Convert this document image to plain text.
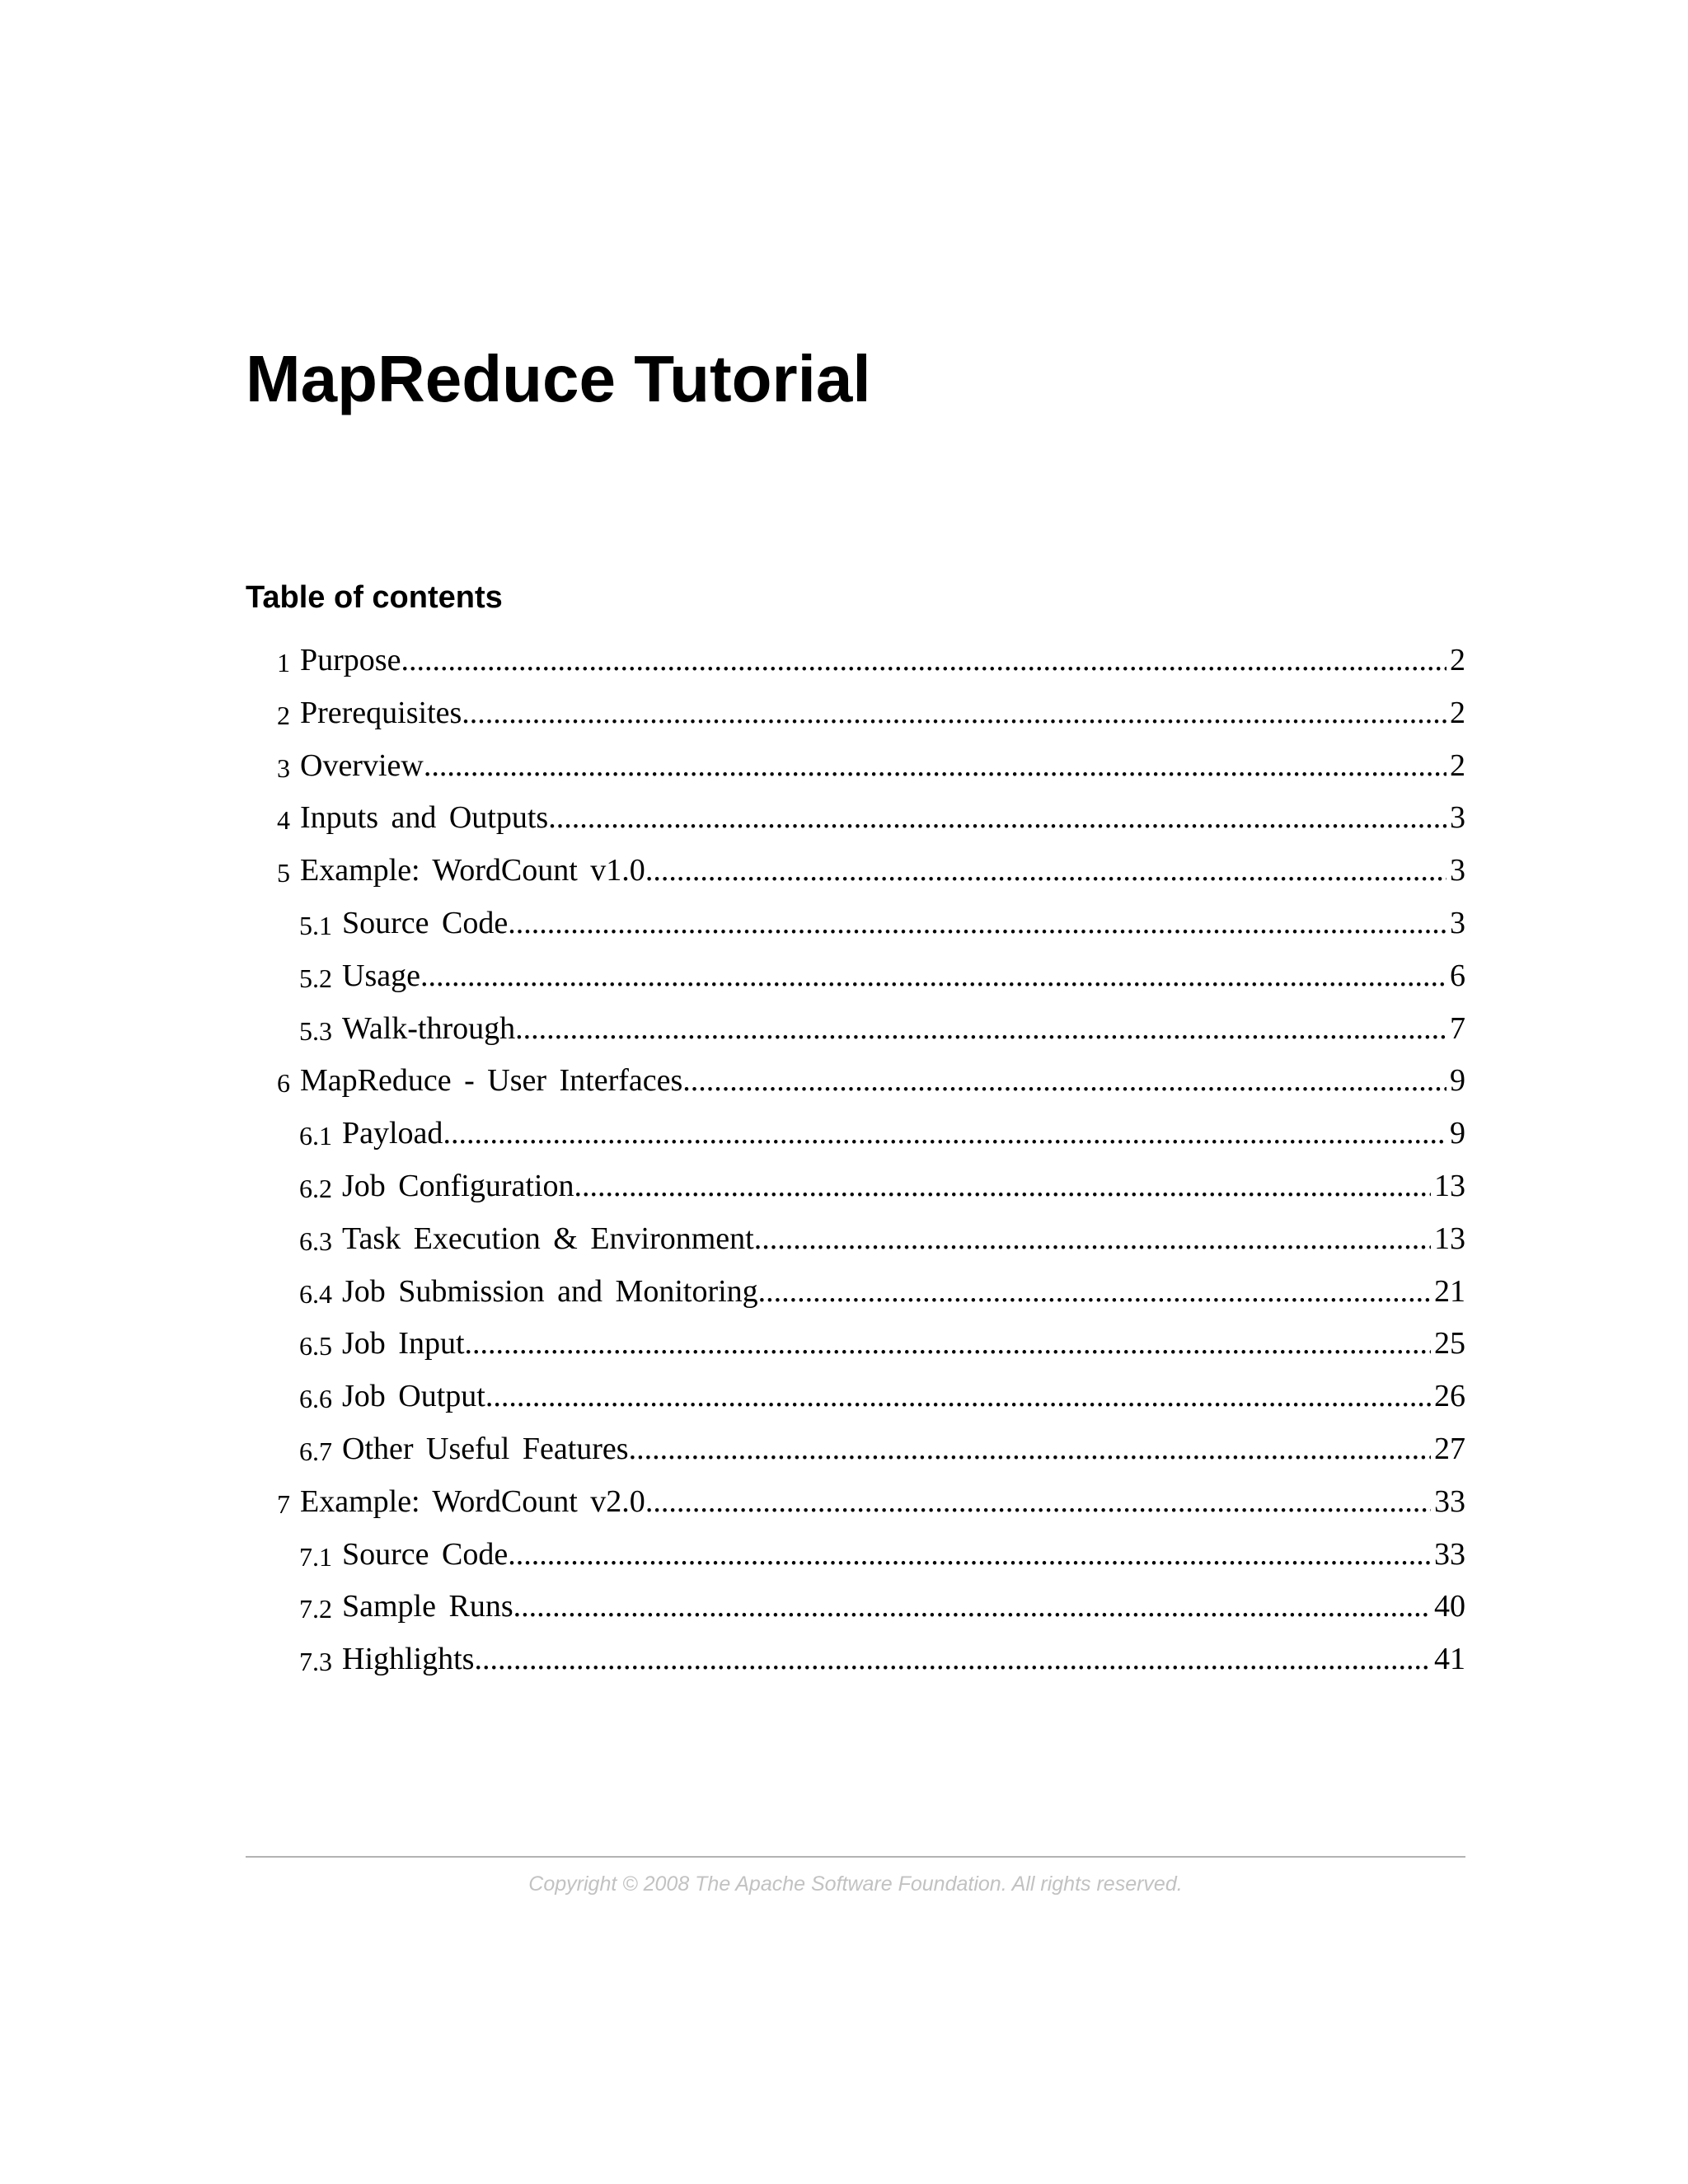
MapReduce Tutorial
Table of contents
1 Purpose .....	2
2 Prerequisites .....	2
3 Overview .....	2
4 Inputs and Outputs .....	3
5 Example: WordCount v1.0 .....	3
5.1 Source Code .....	3
5.2 Usage .....	6
5.3 Walk-through .....	7
6 MapReduce - User Interfaces .....	9
6.1 Payload .....	9
6.2 Job Configuration .....	13
6.3 Task Execution & Environment .....	13
6.4 Job Submission and Monitoring .....	21
6.5 Job Input .....	25
6.6 Job Output .....	26
6.7 Other Useful Features .....	27
7 Example: WordCount v2.0 .....	33
7.1 Source Code .....	33
7.2 Sample Runs .....	40
7.3 Highlights .....	41
Copyright © 2008 The Apache Software Foundation. All rights reserved.
